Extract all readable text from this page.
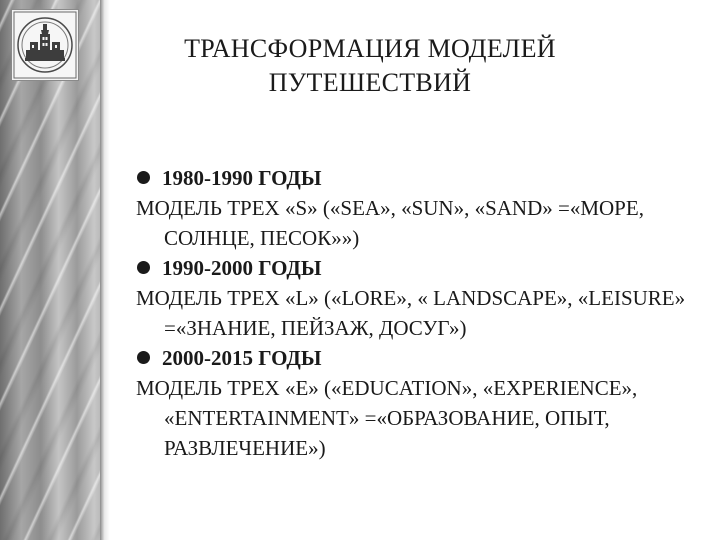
ТРАНСФОРМАЦИЯ МОДЕЛЕЙ
ПУТЕШЕСТВИЙ
1980-1990 ГОДЫ
МОДЕЛЬ ТРЕХ «S» («SEA», «SUN», «SAND» =«МОРЕ, СОЛНЦЕ, ПЕСОК»»)
1990-2000 ГОДЫ
МОДЕЛЬ ТРЕХ «L» («LORE», « LANDSCAPE», «LEISURE» =«ЗНАНИЕ, ПЕЙЗАЖ, ДОСУГ»)
2000-2015 ГОДЫ
МОДЕЛЬ ТРЕХ «E» («EDUCATION», «EXPERIENCE», «ENTERTAINMENT» =«ОБРАЗОВАНИЕ, ОПЫТ, РАЗВЛЕЧЕНИЕ»)
